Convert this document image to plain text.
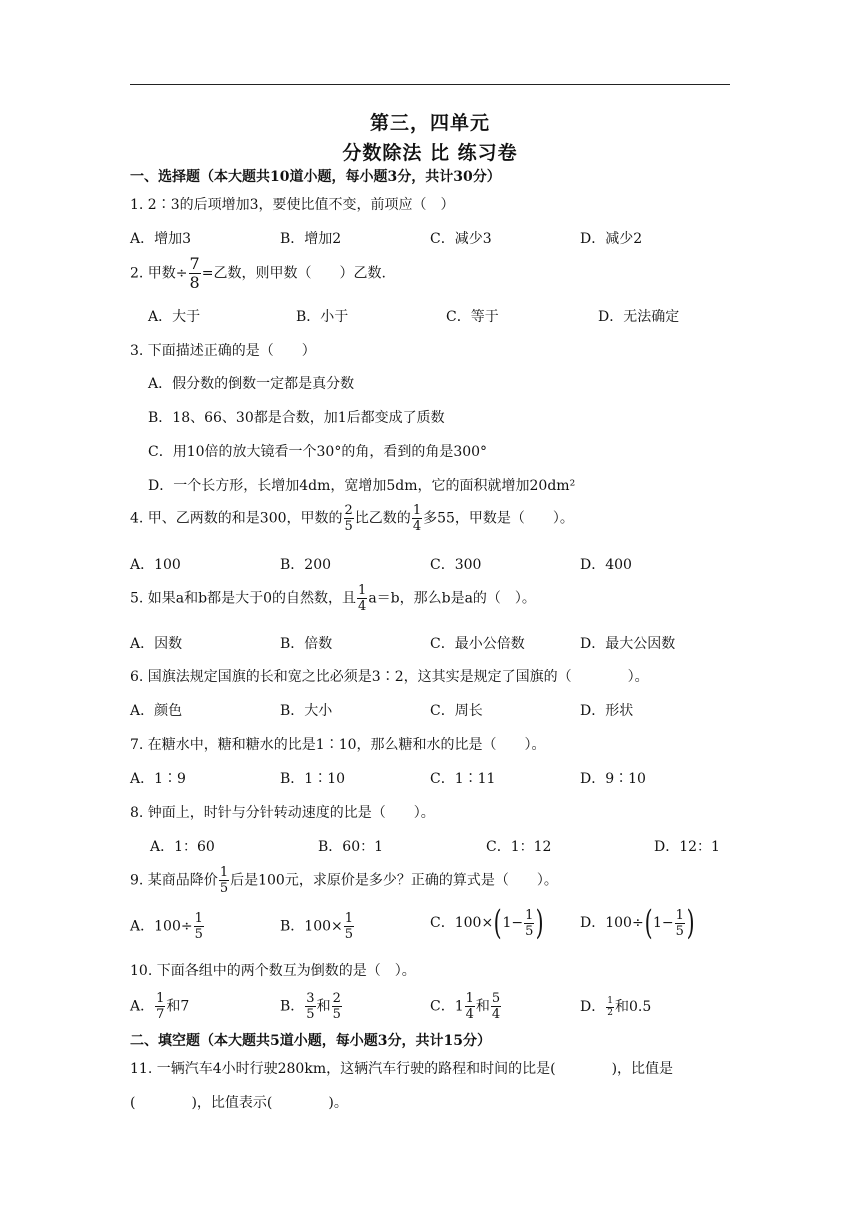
第三，四单元
分数除法 比 练习卷
一、选择题（本大题共10道小题，每小题3分，共计30分）
1. 2∶3的后项增加3，要使比值不变，前项应（　）
A．增加3	B．增加2	C．减少3	D．减少2
2. 甲数÷ $\frac{7}{8}$ =乙数，则甲数（　　）乙数.
A．大于	B．小于	C．等于	D．无法确定
3. 下面描述正确的是（　　）
A．假分数的倒数一定都是真分数
B．18、66、30都是合数，加1后都变成了质数
C．用10倍的放大镜看一个30°的角，看到的角是300°
D．一个长方形，长增加4dm，宽增加5dm，它的面积就增加20dm²
4. 甲、乙两数的和是300，甲数的 $\frac{2}{5}$ 比乙数的 $\frac{1}{4}$ 多55，甲数是（　　）。
A．100	B．200	C．300	D．400
5. 如果a和b都是大于0的自然数，且 $\frac{1}{4} a=b$，那么b是a的（　）。
A．因数	B．倍数	C．最小公倍数	D．最大公因数
6. 国旗法规定国旗的长和宽之比必须是3∶2，这其实是规定了国旗的（　　　　）。
A．颜色	B．大小	C．周长	D．形状
7. 在糖水中，糖和糖水的比是1∶10，那么糖和水的比是（　　）。
A．1∶9	B．1∶10	C．1∶11	D．9∶10
8. 钟面上，时针与分针转动速度的比是（　　）。
A．1：60	B．60：1	C．1：12	D．12：1
9. 某商品降价 $\frac{1}{5}$ 后是100元，求原价是多少？正确的算式是（　　）。
A．$100\div \frac{1}{5}$	B．$100\times \frac{1}{5}$	C．$100\times(1- \frac{1}{5}$ )	D．$100\div(1- \frac{1}{5}$ )
10. 下面各组中的两个数互为倒数的是（　）。
A． $\frac{1}{7}$ 和7	B． $\frac{3}{5}$ 和 $\frac{2}{5}$	C．$1 \frac{1}{4}$ 和 $\frac{5}{4}$	D． $\frac{1}{2}$ 和0.5
二、填空题（本大题共5道小题，每小题3分，共计15分）
11. 一辆汽车4小时行驶280km，这辆汽车行驶的路程和时间的比是(　　　　)，比值是
(　　　　)，比值表示(　　　　)。
